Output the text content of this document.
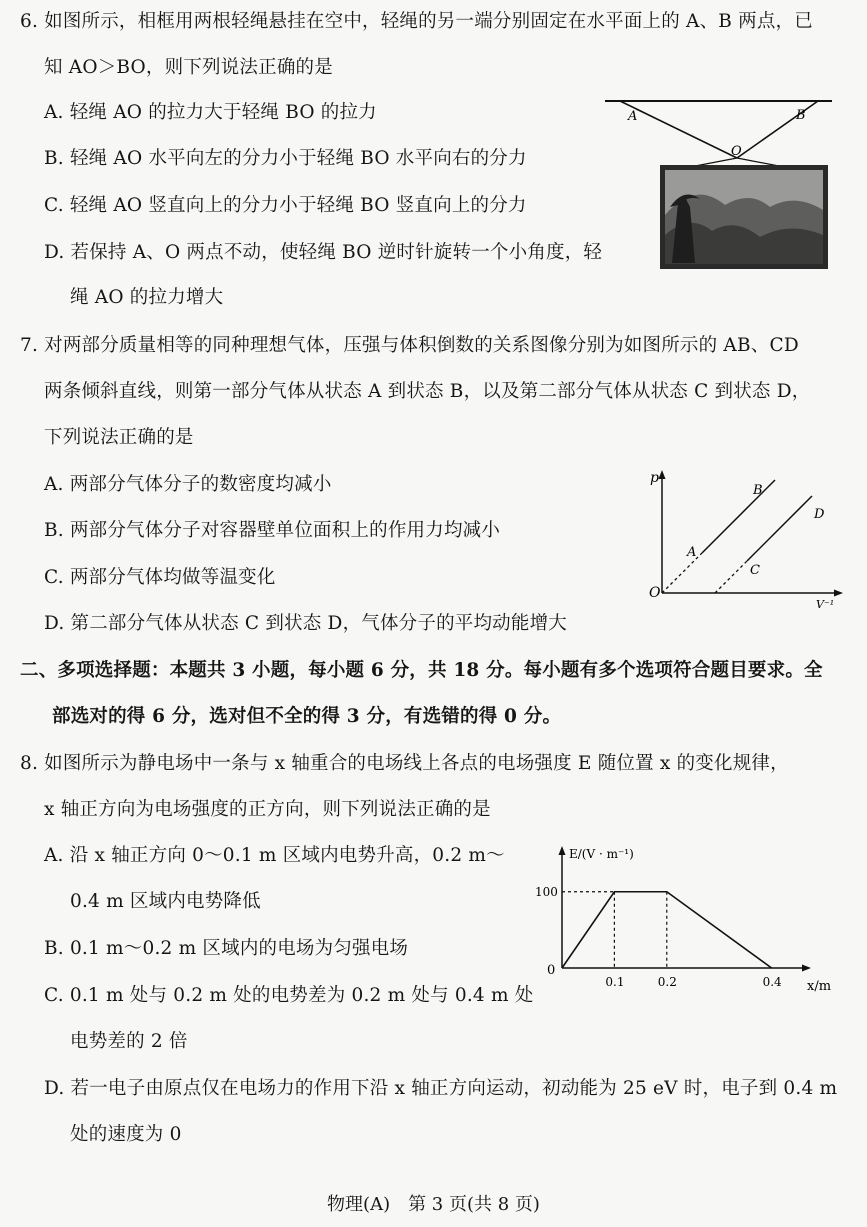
6. 如图所示，相框用两根轻绳悬挂在空中，轻绳的另一端分别固定在水平面上的 A、B 两点，已
知 AO＞BO，则下列说法正确的是
A. 轻绳 AO 的拉力大于轻绳 BO 的拉力
B. 轻绳 AO 水平向左的分力小于轻绳 BO 水平向右的分力
C. 轻绳 AO 竖直向上的分力小于轻绳 BO 竖直向上的分力
D. 若保持 A、O 两点不动，使轻绳 BO 逆时针旋转一个小角度，轻
绳 AO 的拉力增大
A	B
O
7. 对两部分质量相等的同种理想气体，压强与体积倒数的关系图像分别为如图所示的 AB、CD
两条倾斜直线，则第一部分气体从状态 A 到状态 B，以及第二部分气体从状态 C 到状态 D，
下列说法正确的是
A. 两部分气体分子的数密度均减小
B. 两部分气体分子对容器壁单位面积上的作用力均减小
C. 两部分气体均做等温变化
D. 第二部分气体从状态 C 到状态 D，气体分子的平均动能增大
p
V⁻¹
O
A
B
C
D
二、多项选择题：本题共 3 小题，每小题 6 分，共 18 分。每小题有多个选项符合题目要求。全
部选对的得 6 分，选对但不全的得 3 分，有选错的得 0 分。
8. 如图所示为静电场中一条与 x 轴重合的电场线上各点的电场强度 E 随位置 x 的变化规律，
x 轴正方向为电场强度的正方向，则下列说法正确的是
A. 沿 x 轴正方向 0～0.1 m 区域内电势升高，0.2 m～
0.4 m 区域内电势降低
B. 0.1 m～0.2 m 区域内的电场为匀强电场
C. 0.1 m 处与 0.2 m 处的电势差为 0.2 m 处与 0.4 m 处
电势差的 2 倍
D. 若一电子由原点仅在电场力的作用下沿 x 轴正方向运动，初动能为 25 eV 时，电子到 0.4 m
处的速度为 0
E/(V · m⁻¹)
x/m
0
0.1	0.2	0.4
100
物理(A)　第 3 页(共 8 页)
